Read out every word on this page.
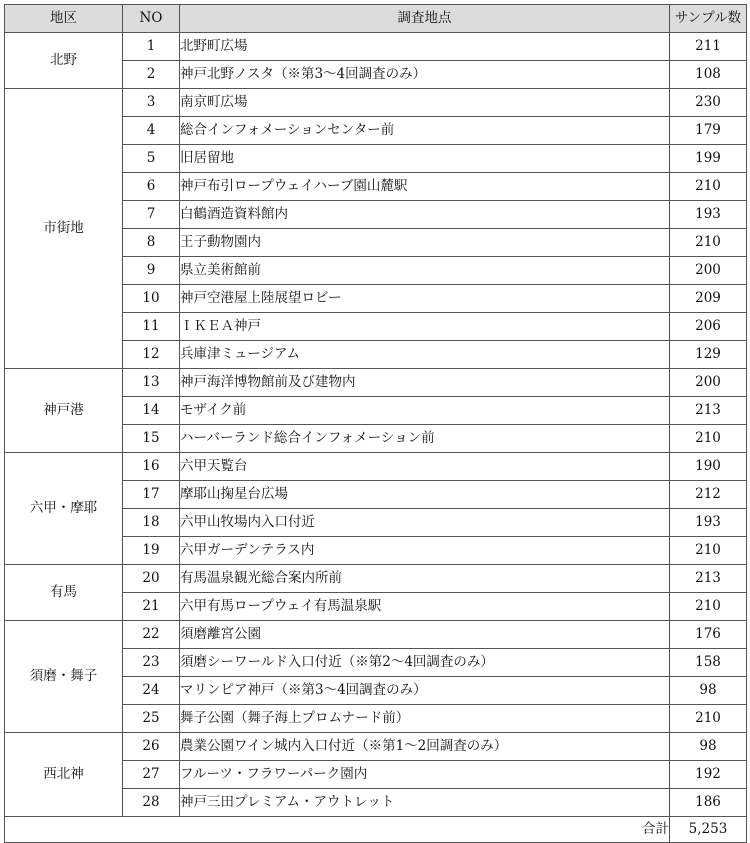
地区	NO	調査地点	サンプル数
北野	1	北野町広場	211
	2	神戸北野ノスタ（※第3～4回調査のみ）	108
市街地	3	南京町広場	230
	4	総合インフォメーションセンター前	179
	5	旧居留地	199
	6	神戸布引ロープウェイハーブ園山麓駅	210
	7	白鶴酒造資料館内	193
	8	王子動物園内	210
	9	県立美術館前	200
	10	神戸空港屋上陸展望ロビー	209
	11	ＩＫＥＡ神戸	206
	12	兵庫津ミュージアム	129
神戸港	13	神戸海洋博物館前及び建物内	200
	14	モザイク前	213
	15	ハーバーランド総合インフォメーション前	210
六甲・摩耶	16	六甲天覧台	190
	17	摩耶山掬星台広場	212
	18	六甲山牧場内入口付近	193
	19	六甲ガーデンテラス内	210
有馬	20	有馬温泉観光総合案内所前	213
	21	六甲有馬ロープウェイ有馬温泉駅	210
須磨・舞子	22	須磨離宮公園	176
	23	須磨シーワールド入口付近（※第2～4回調査のみ）	158
	24	マリンピア神戸（※第3～4回調査のみ）	98
	25	舞子公園（舞子海上プロムナード前）	210
西北神	26	農業公園ワイン城内入口付近（※第1～2回調査のみ）	98
	27	フルーツ・フラワーパーク園内	192
	28	神戸三田プレミアム・アウトレット	186
合計			5,253
